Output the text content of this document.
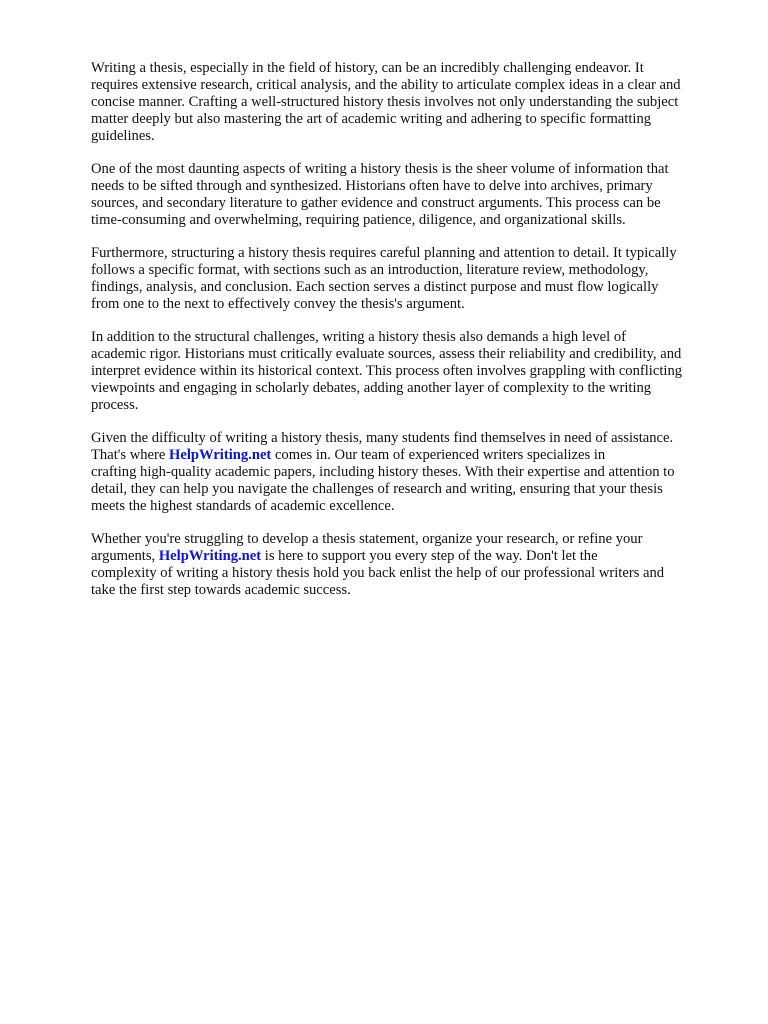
Writing a thesis, especially in the field of history, can be an incredibly challenging endeavor. It
requires extensive research, critical analysis, and the ability to articulate complex ideas in a clear and
concise manner. Crafting a well-structured history thesis involves not only understanding the subject
matter deeply but also mastering the art of academic writing and adhering to specific formatting
guidelines.

One of the most daunting aspects of writing a history thesis is the sheer volume of information that
needs to be sifted through and synthesized. Historians often have to delve into archives, primary
sources, and secondary literature to gather evidence and construct arguments. This process can be
time-consuming and overwhelming, requiring patience, diligence, and organizational skills.

Furthermore, structuring a history thesis requires careful planning and attention to detail. It typically
follows a specific format, with sections such as an introduction, literature review, methodology,
findings, analysis, and conclusion. Each section serves a distinct purpose and must flow logically
from one to the next to effectively convey the thesis's argument.

In addition to the structural challenges, writing a history thesis also demands a high level of
academic rigor. Historians must critically evaluate sources, assess their reliability and credibility, and
interpret evidence within its historical context. This process often involves grappling with conflicting
viewpoints and engaging in scholarly debates, adding another layer of complexity to the writing
process.

Given the difficulty of writing a history thesis, many students find themselves in need of assistance.
That's where HelpWriting.net comes in. Our team of experienced writers specializes in
crafting high-quality academic papers, including history theses. With their expertise and attention to
detail, they can help you navigate the challenges of research and writing, ensuring that your thesis
meets the highest standards of academic excellence.

Whether you're struggling to develop a thesis statement, organize your research, or refine your
arguments, HelpWriting.net is here to support you every step of the way. Don't let the
complexity of writing a history thesis hold you back enlist the help of our professional writers and
take the first step towards academic success.
